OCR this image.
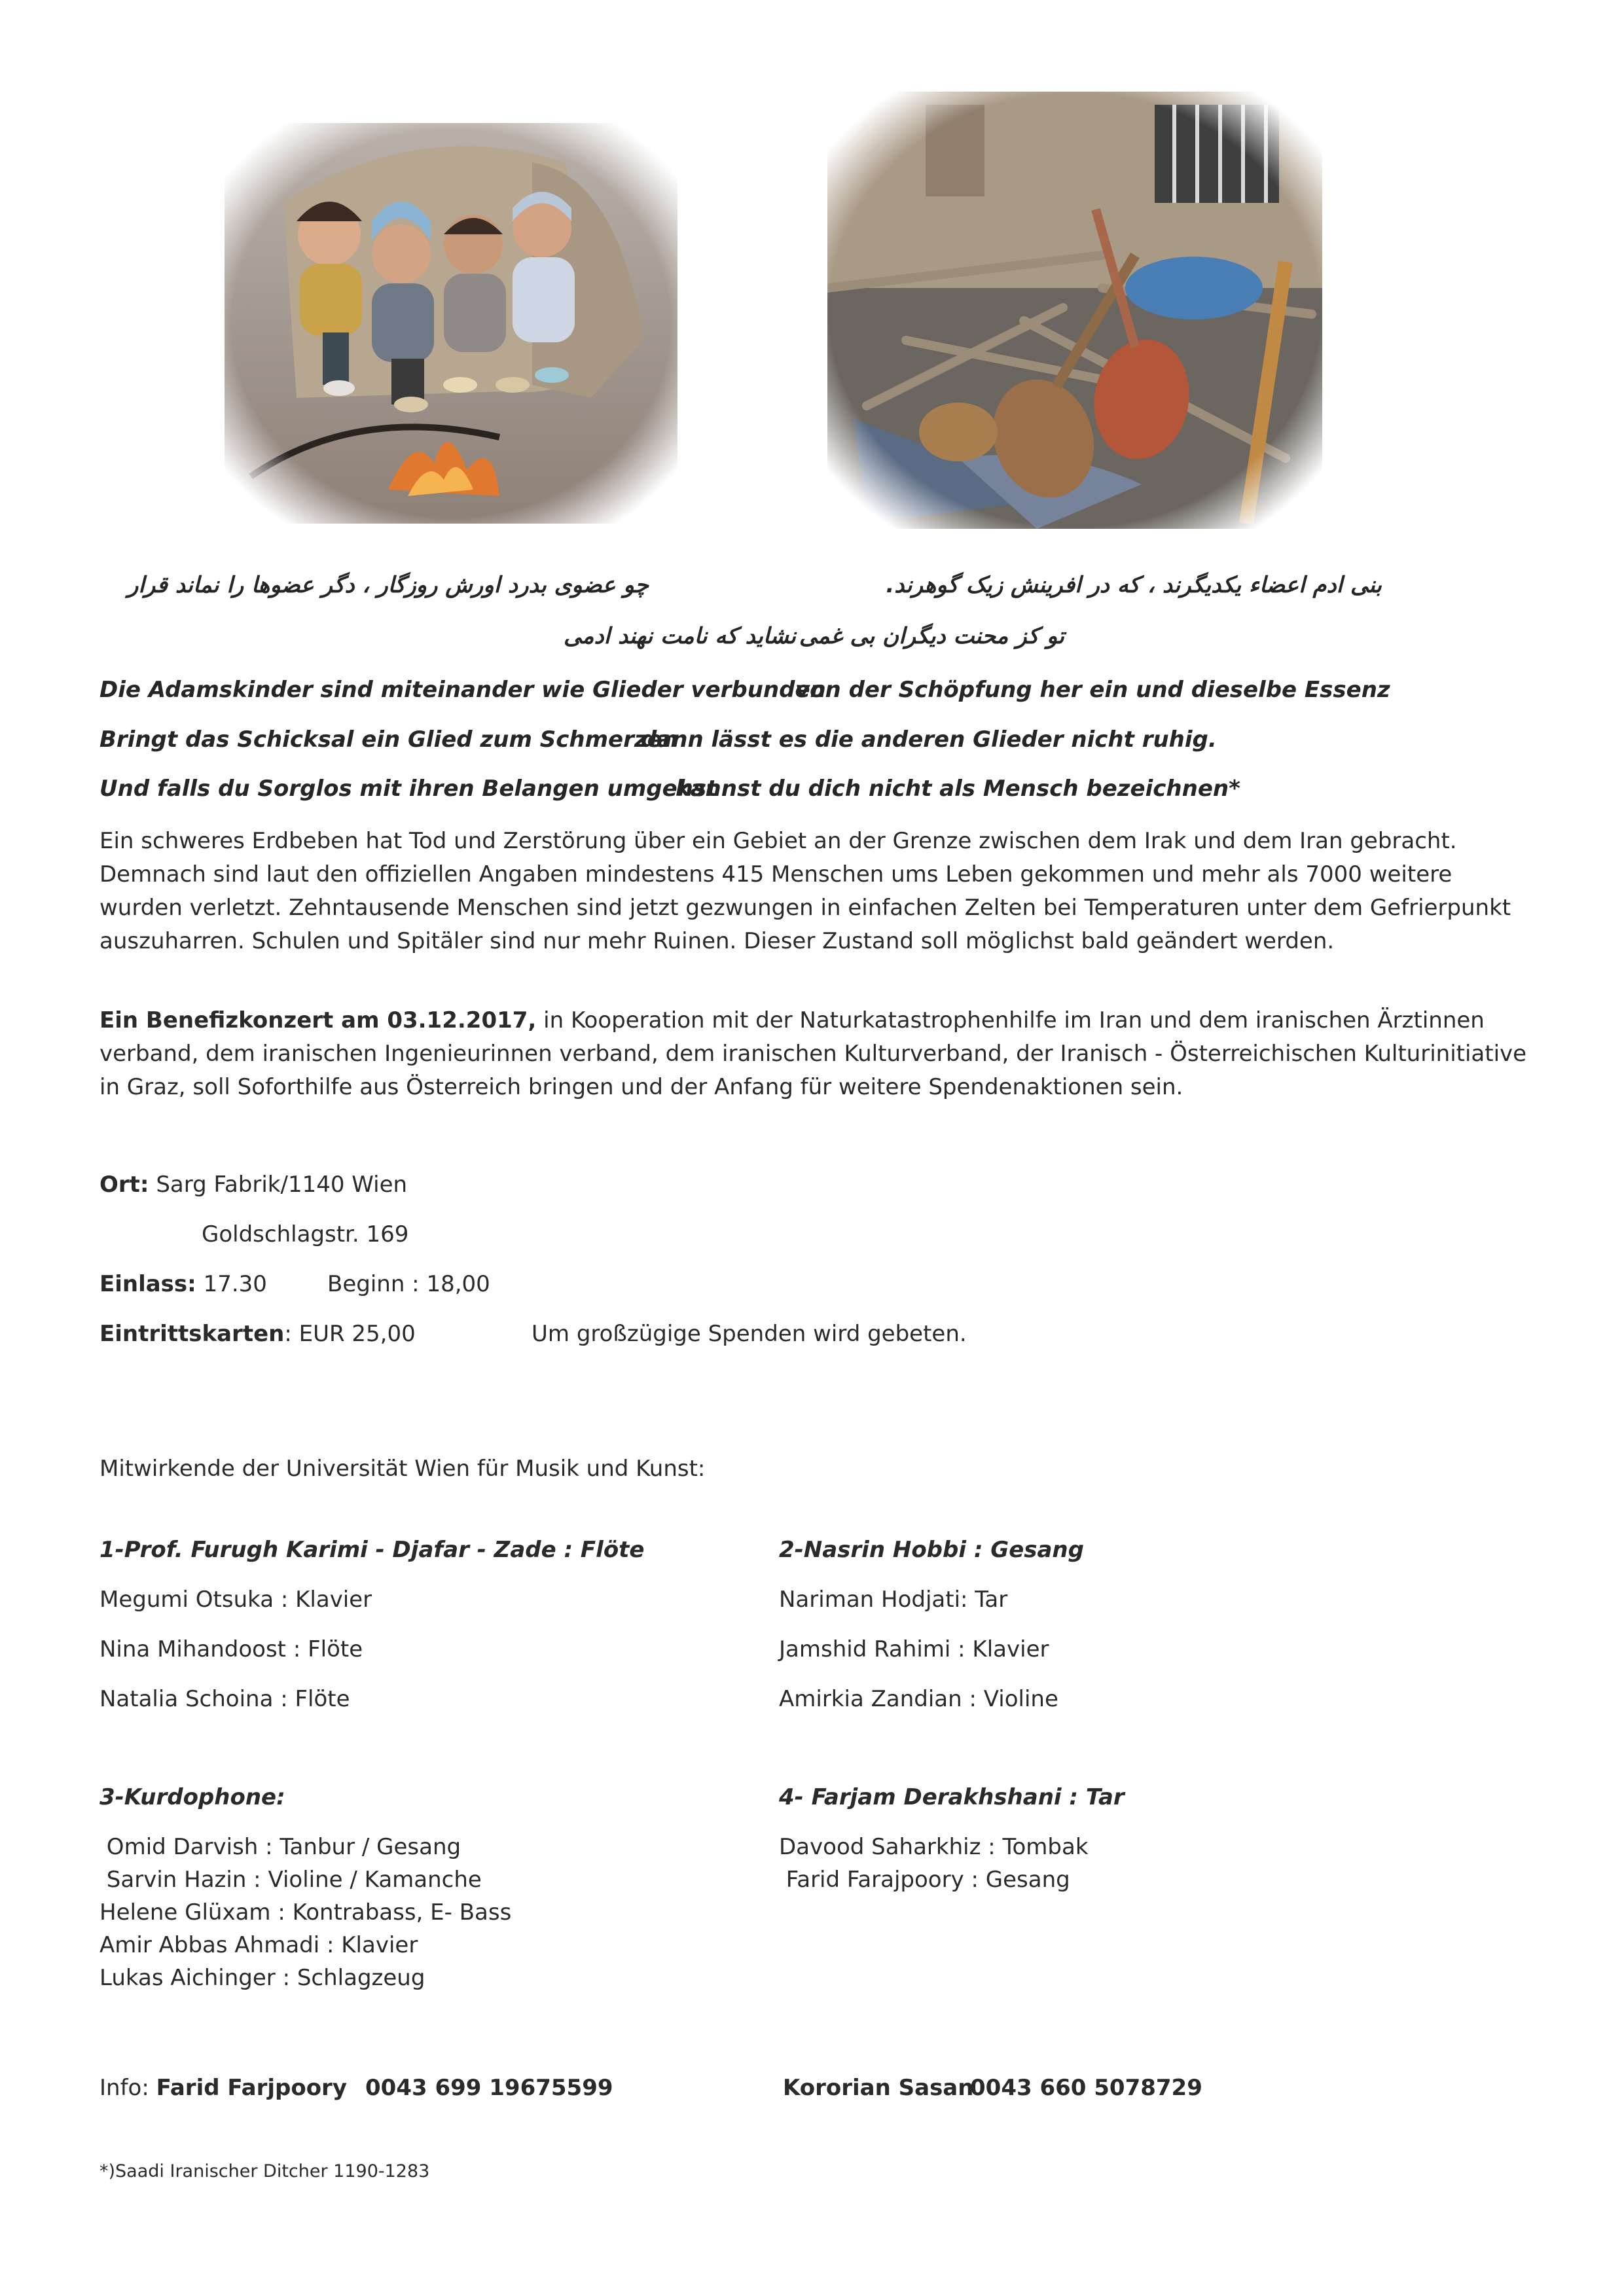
بنی ادم اعضاء یکدیگرند ، که در افرینش زیک گوهرند.
چو عضوی بدرد اورش روزگار ، دگر عضوها را نماند قرار
تو کز محنت دیگران بی غمی
نشاید که نامت نهند ادمی
Die Adamskinder sind miteinander wie Glieder verbunden
von der Schöpfung her ein und dieselbe Essenz
Bringt das Schicksal ein Glied zum Schmerzen
dann lässt es die anderen Glieder nicht ruhig.
Und falls du Sorglos mit ihren Belangen umgehst
kannst du dich nicht als Mensch bezeichnen*
Ein schweres Erdbeben hat Tod und Zerstörung über ein Gebiet an der Grenze zwischen dem Irak und dem Iran gebracht.
Demnach sind laut den offiziellen Angaben mindestens 415 Menschen ums Leben gekommen und mehr als 7000 weitere
wurden verletzt. Zehntausende Menschen sind jetzt gezwungen in einfachen Zelten bei Temperaturen unter dem Gefrierpunkt
auszuharren. Schulen und Spitäler sind nur mehr Ruinen. Dieser Zustand soll möglichst bald geändert werden.
Ein Benefizkonzert am 03.12.2017, in Kooperation mit der Naturkatastrophenhilfe im Iran und dem iranischen Ärztinnen
verband, dem iranischen Ingenieurinnen verband, dem iranischen Kulturverband, der Iranisch - Österreichischen Kulturinitiative
in Graz, soll Soforthilfe aus Österreich bringen und der Anfang für weitere Spendenaktionen sein.
Ort: Sarg Fabrik/1140 Wien
Goldschlagstr. 169
Einlass: 17.30	Beginn : 18,00
Eintrittskarten: EUR 25,00	Um großzügige Spenden wird gebeten.
Mitwirkende der Universität Wien für Musik und Kunst:
1-Prof. Furugh Karimi - Djafar - Zade : Flöte
Megumi Otsuka : Klavier
Nina Mihandoost : Flöte
Natalia Schoina : Flöte
2-Nasrin Hobbi : Gesang
Nariman Hodjati: Tar
Jamshid Rahimi : Klavier
Amirkia Zandian : Violine
3-Kurdophone:
Omid Darvish : Tanbur / Gesang
Sarvin Hazin : Violine / Kamanche
Helene Glüxam : Kontrabass, E- Bass
Amir Abbas Ahmadi : Klavier
Lukas Aichinger : Schlagzeug
4- Farjam Derakhshani : Tar
Davood Saharkhiz : Tombak
Farid Farajpoory : Gesang
Info: Farid Farjpoory 0043 699 19675599	Kororian Sasan
0043 660 5078729
*)Saadi Iranischer Ditcher 1190-1283
